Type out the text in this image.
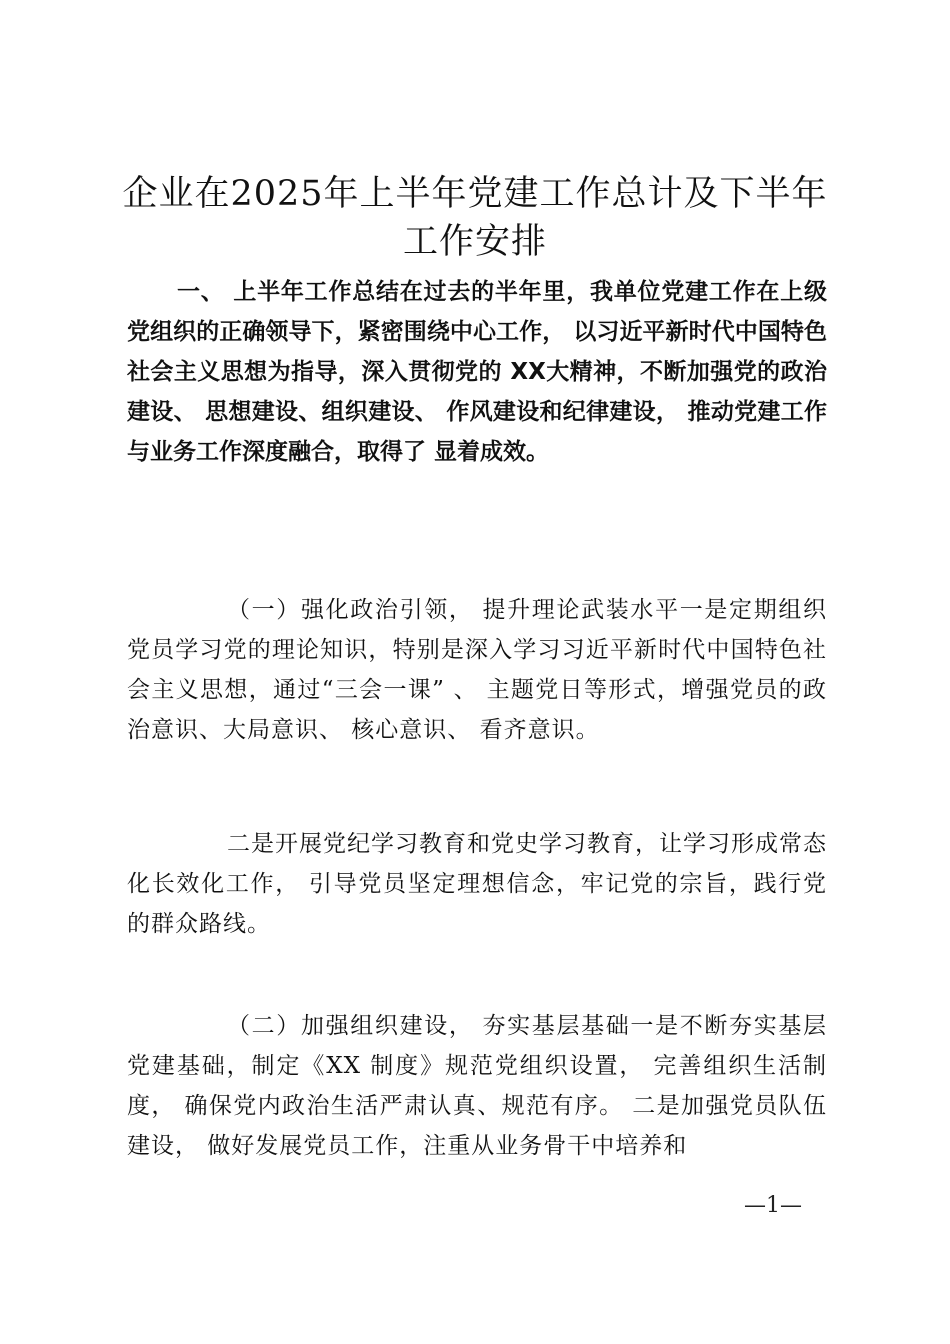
企业在2025年上半年党建工作总计及下半年工作安排

一、 上半年工作总结在过去的半年里，我单位党建工作在上级党组织的正确领导下，紧密围绕中心工作， 以习近平新时代中国特色社会主义思想为指导，深入贯彻党的 XX大精神，不断加强党的政治建设、 思想建设、组织建设、 作风建设和纪律建设， 推动党建工作与业务工作深度融合，取得了 显着成效。

（一）强化政治引领， 提升理论武装水平一是定期组织党员学习党的理论知识，特别是深入学习习近平新时代中国特色社会主义思想，通过“三会一课” 、 主题党日等形式，增强党员的政治意识、大局意识、 核心意识、 看齐意识。

二是开展党纪学习教育和党史学习教育，让学习形成常态化长效化工作， 引导党员坚定理想信念，牢记党的宗旨，践行党的群众路线。

（二）加强组织建设， 夯实基层基础一是不断夯实基层党建基础，制定《XX 制度》规范党组织设置， 完善组织生活制度， 确保党内政治生活严肃认真、规范有序。 二是加强党员队伍建设， 做好发展党员工作，注重从业务骨干中培养和

—1—
